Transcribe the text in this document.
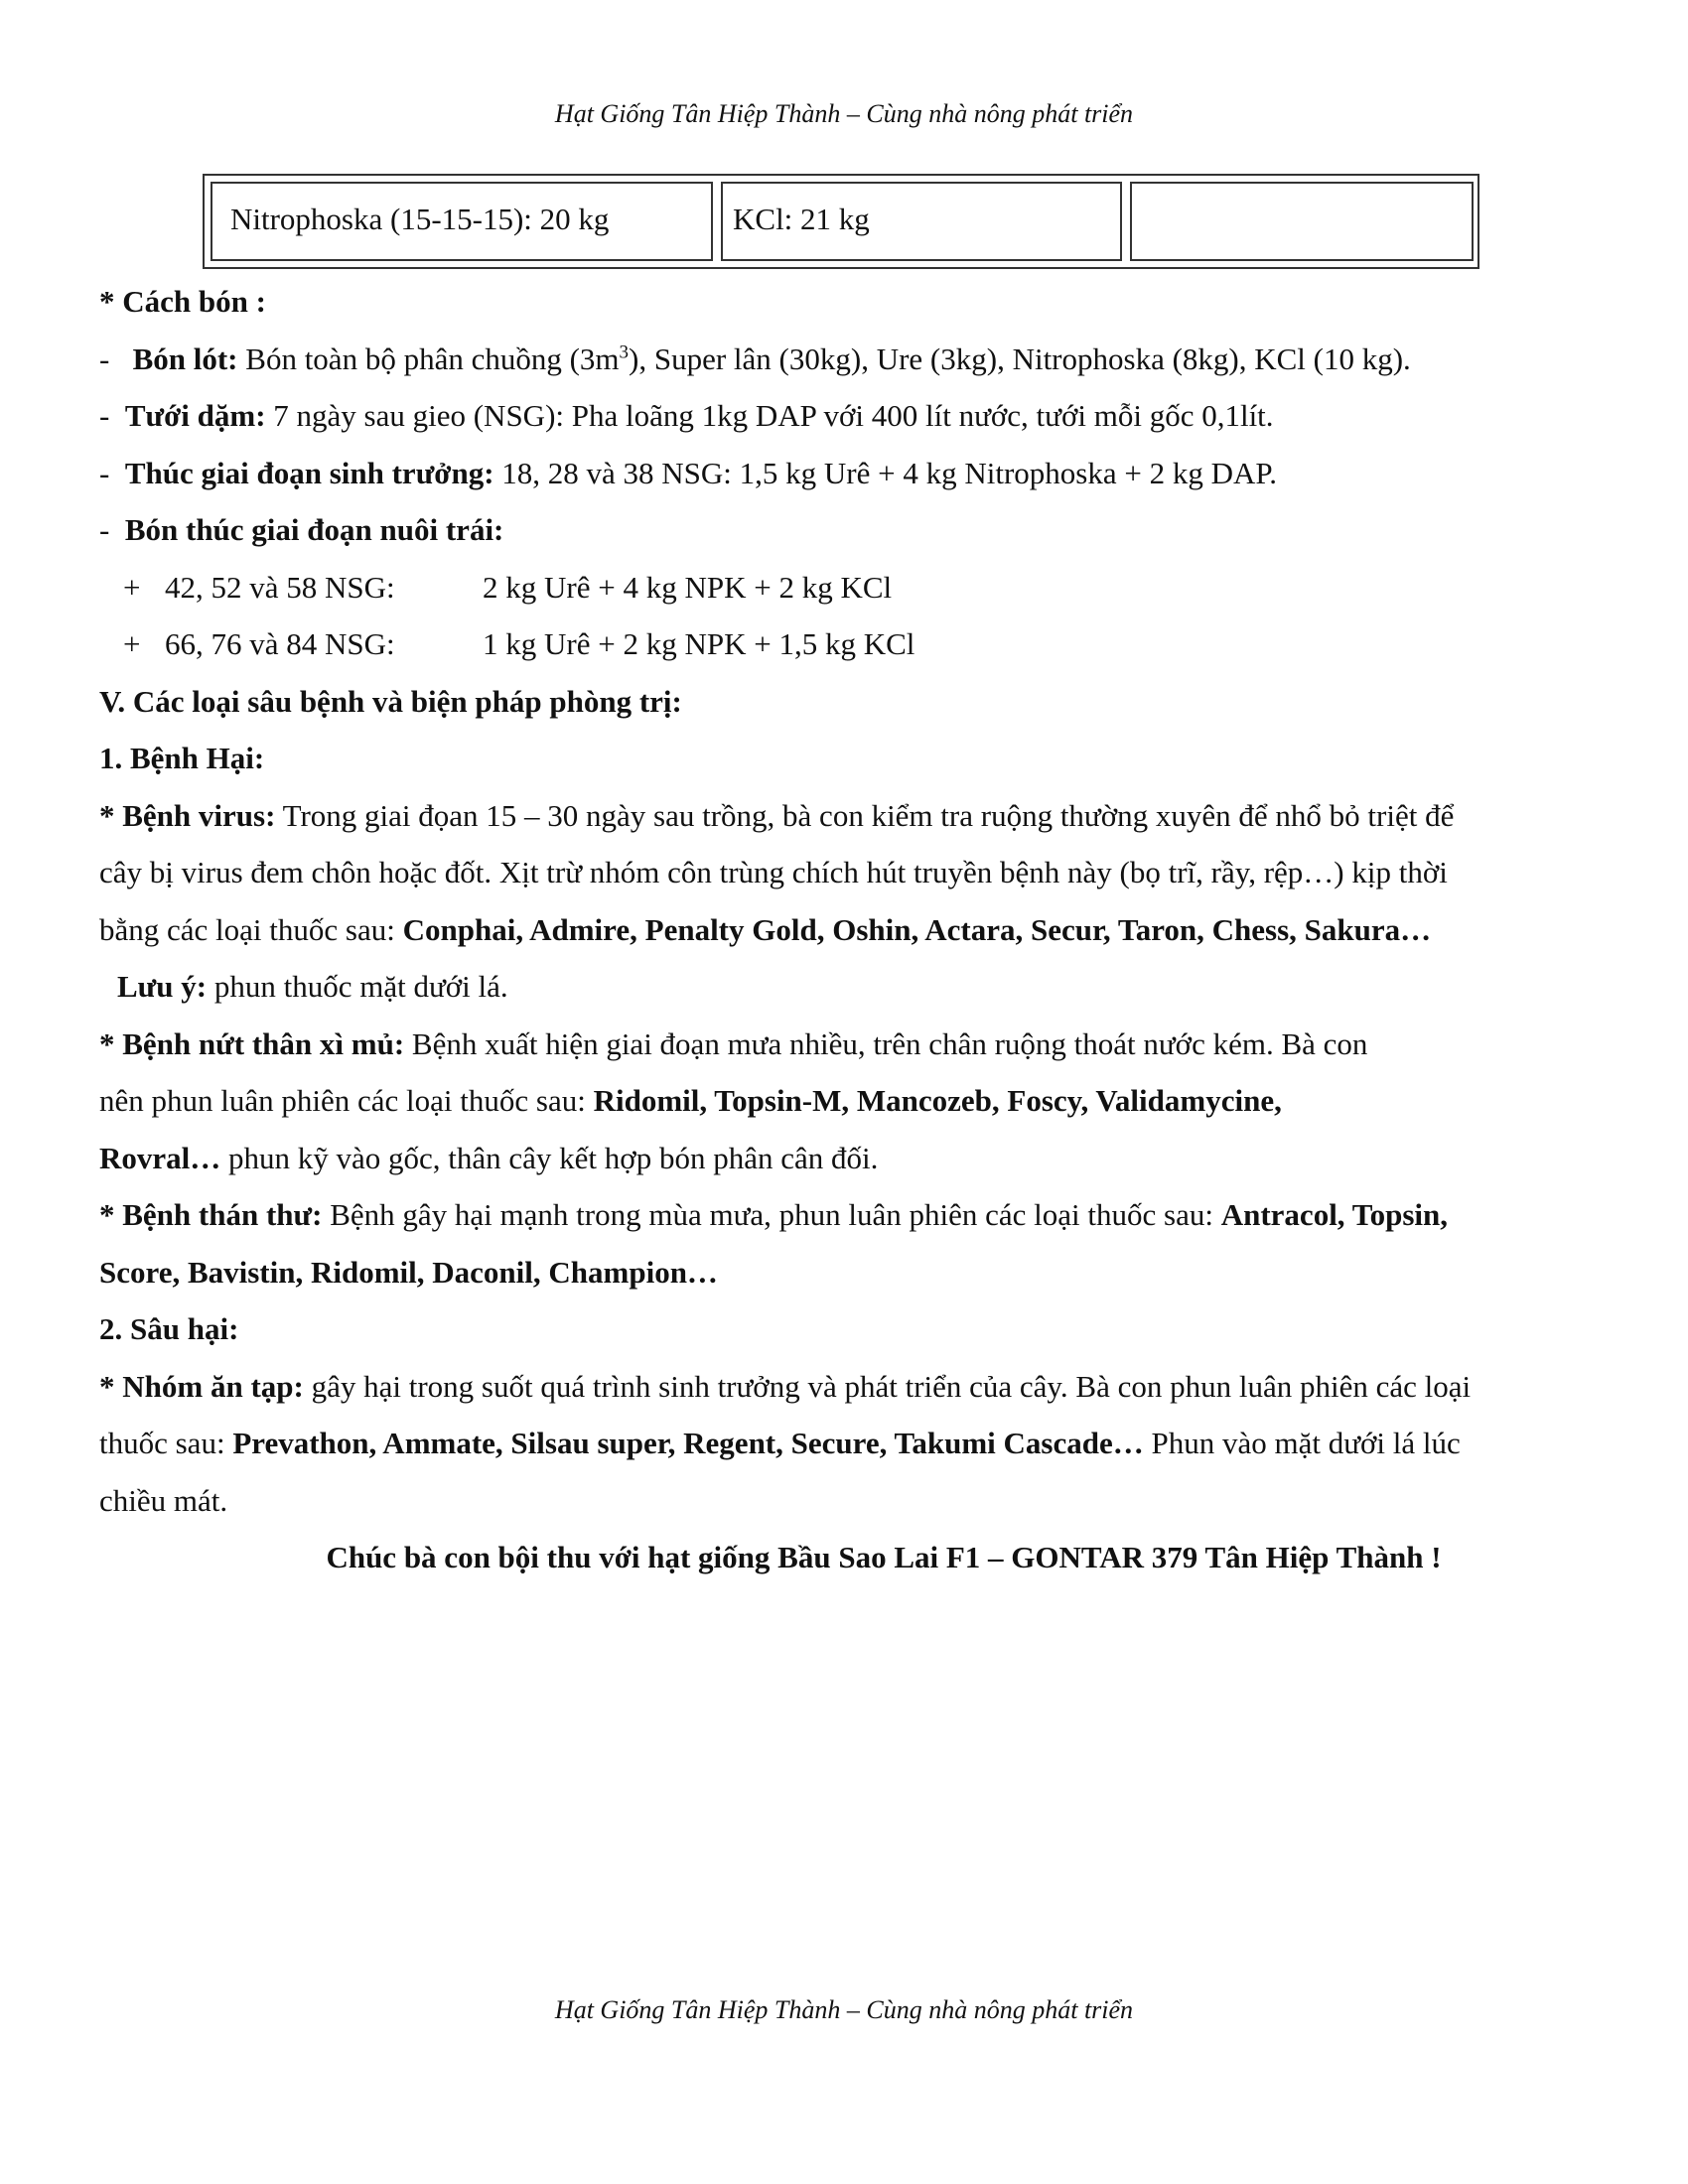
Hạt Giống Tân Hiệp Thành – Cùng nhà nông phát triển
Nitrophoska (15-15-15): 20 kg	KCl: 21 kg
* Cách bón :
- Bón lót: Bón toàn bộ phân chuồng $(3m^3)$, Super lân (30kg), Ure (3kg), Nitrophoska (8kg), KCl (10 kg).
- Tưới dặm: 7 ngày sau gieo (NSG): Pha loãng 1kg DAP với 400 lít nước, tưới mỗi gốc 0,1lít.
- Thúc giai đoạn sinh trưởng: 18, 28 và 38 NSG: 1,5 kg Urê + 4 kg Nitrophoska + 2 kg DAP.
- Bón thúc giai đoạn nuôi trái:
+ 42, 52 và 58 NSG:	2 kg Urê + 4 kg NPK + 2 kg KCl
+ 66, 76 và 84 NSG:	1 kg Urê + 2 kg NPK + 1,5 kg KCl
V. Các loại sâu bệnh và biện pháp phòng trị:
1. Bệnh Hại:
* Bệnh virus: Trong giai đọan 15 – 30 ngày sau trồng, bà con kiểm tra ruộng thường xuyên để nhổ bỏ triệt để
cây bị virus đem chôn hoặc đốt. Xịt trừ nhóm côn trùng chích hút truyền bệnh này (bọ trĩ, rầy, rệp…) kịp thời
bằng các loại thuốc sau: Conphai, Admire, Penalty Gold, Oshin, Actara, Secur, Taron, Chess, Sakura…
Lưu ý: phun thuốc mặt dưới lá.
* Bệnh nứt thân xì mủ: Bệnh xuất hiện giai đoạn mưa nhiều, trên chân ruộng thoát nước kém. Bà con
nên phun luân phiên các loại thuốc sau: Ridomil, Topsin-M, Mancozeb, Foscy, Validamycine,
Rovral… phun kỹ vào gốc, thân cây kết hợp bón phân cân đối.
* Bệnh thán thư: Bệnh gây hại mạnh trong mùa mưa, phun luân phiên các loại thuốc sau: Antracol, Topsin,
Score, Bavistin, Ridomil, Daconil, Champion…
2. Sâu hại:
* Nhóm ăn tạp: gây hại trong suốt quá trình sinh trưởng và phát triển của cây. Bà con phun luân phiên các loại
thuốc sau: Prevathon, Ammate, Silsau super, Regent, Secure, Takumi Cascade… Phun vào mặt dưới lá lúc
chiều mát.
Chúc bà con bội thu với hạt giống Bầu Sao Lai F1 – GONTAR 379 Tân Hiệp Thành !
Hạt Giống Tân Hiệp Thành – Cùng nhà nông phát triển
